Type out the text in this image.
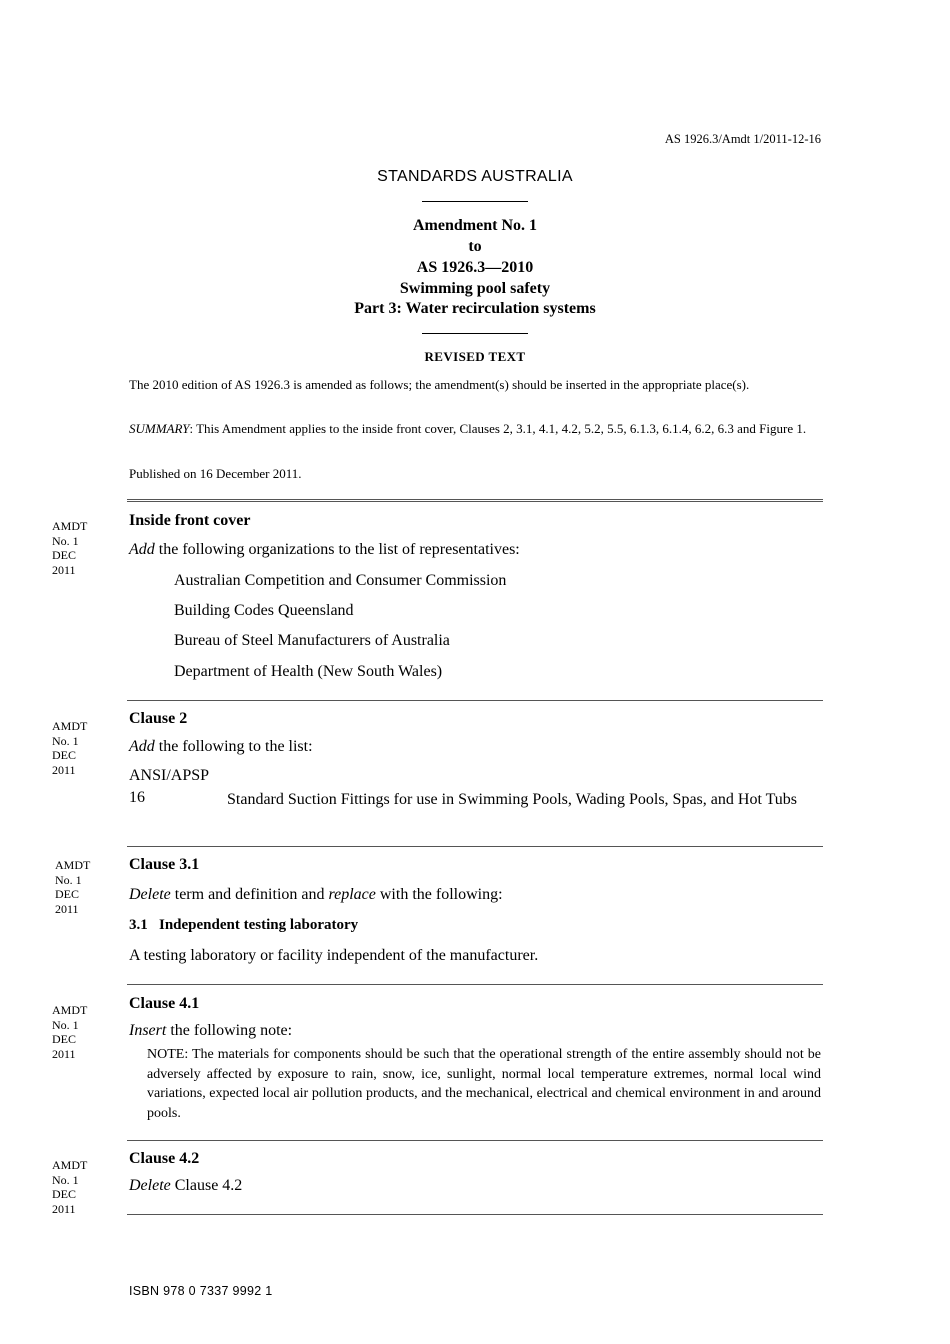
AS 1926.3/Amdt 1/2011-12-16
STANDARDS AUSTRALIA
Amendment No. 1
to
AS 1926.3—2010
Swimming pool safety
Part 3: Water recirculation systems
REVISED TEXT
The 2010 edition of AS 1926.3 is amended as follows; the amendment(s) should be inserted in the appropriate place(s).
SUMMARY: This Amendment applies to the inside front cover, Clauses 2, 3.1, 4.1, 4.2, 5.2, 5.5, 6.1.3, 6.1.4, 6.2, 6.3 and Figure 1.
Published on 16 December 2011.
AMDT
No. 1
DEC
2011
Inside front cover
Add the following organizations to the list of representatives:
Australian Competition and Consumer Commission
Building Codes Queensland
Bureau of Steel Manufacturers of Australia
Department of Health (New South Wales)
AMDT
No. 1
DEC
2011
Clause 2
Add the following to the list:
ANSI/APSP
16	Standard Suction Fittings for use in Swimming Pools, Wading Pools, Spas, and Hot Tubs
AMDT
No. 1
DEC
2011
Clause 3.1
Delete term and definition and replace with the following:
3.1  Independent testing laboratory
A testing laboratory or facility independent of the manufacturer.
AMDT
No. 1
DEC
2011
Clause 4.1
Insert the following note:
NOTE: The materials for components should be such that the operational strength of the entire assembly should not be adversely affected by exposure to rain, snow, ice, sunlight, normal local temperature extremes, normal local wind variations, expected local air pollution products, and the mechanical, electrical and chemical environment in and around pools.
AMDT
No. 1
DEC
2011
Clause 4.2
Delete Clause 4.2
ISBN 978 0 7337 9992 1
